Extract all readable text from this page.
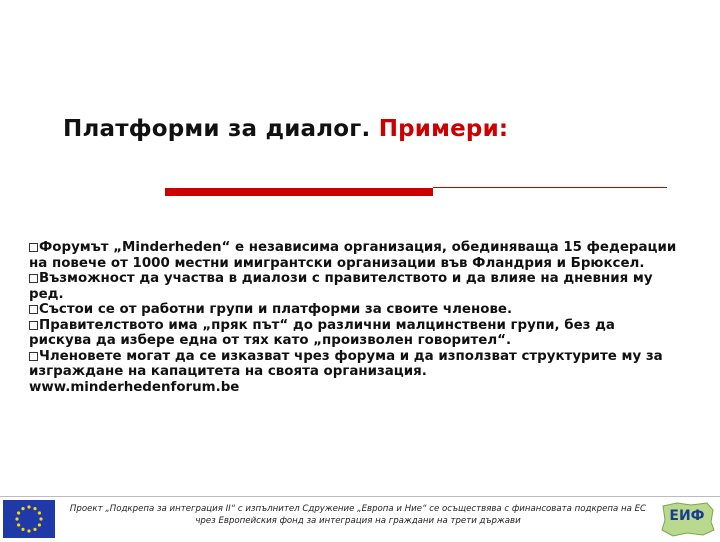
Платформи за диалог. Примери:

Форумът „Minderheden“ е независима организация, обединяваща 15 федерации на повече от 1000 местни имигрантски организации във Фландрия и Брюксел.

Възможност да участва в диалози с правителството и да влияе на дневния му ред.

Състои се от работни групи и платформи за своите членове.

Правителството има „пряк път“ до различни малцинствени групи, без да рискува да избере една от тях като „произволен говорител“.

Членовете могат да се изказват чрез форума и да използват структурите му за изграждане на капацитета на своята организация.

www.minderhedenforum.be

Проект „Подкрепа за интеграция II“ с изпълнител Сдружение „Европа и Ние“ се осъществява с финансовата подкрепа на ЕС чрез Европейския фонд за интеграция на граждани на трети държави	ЕИФ
